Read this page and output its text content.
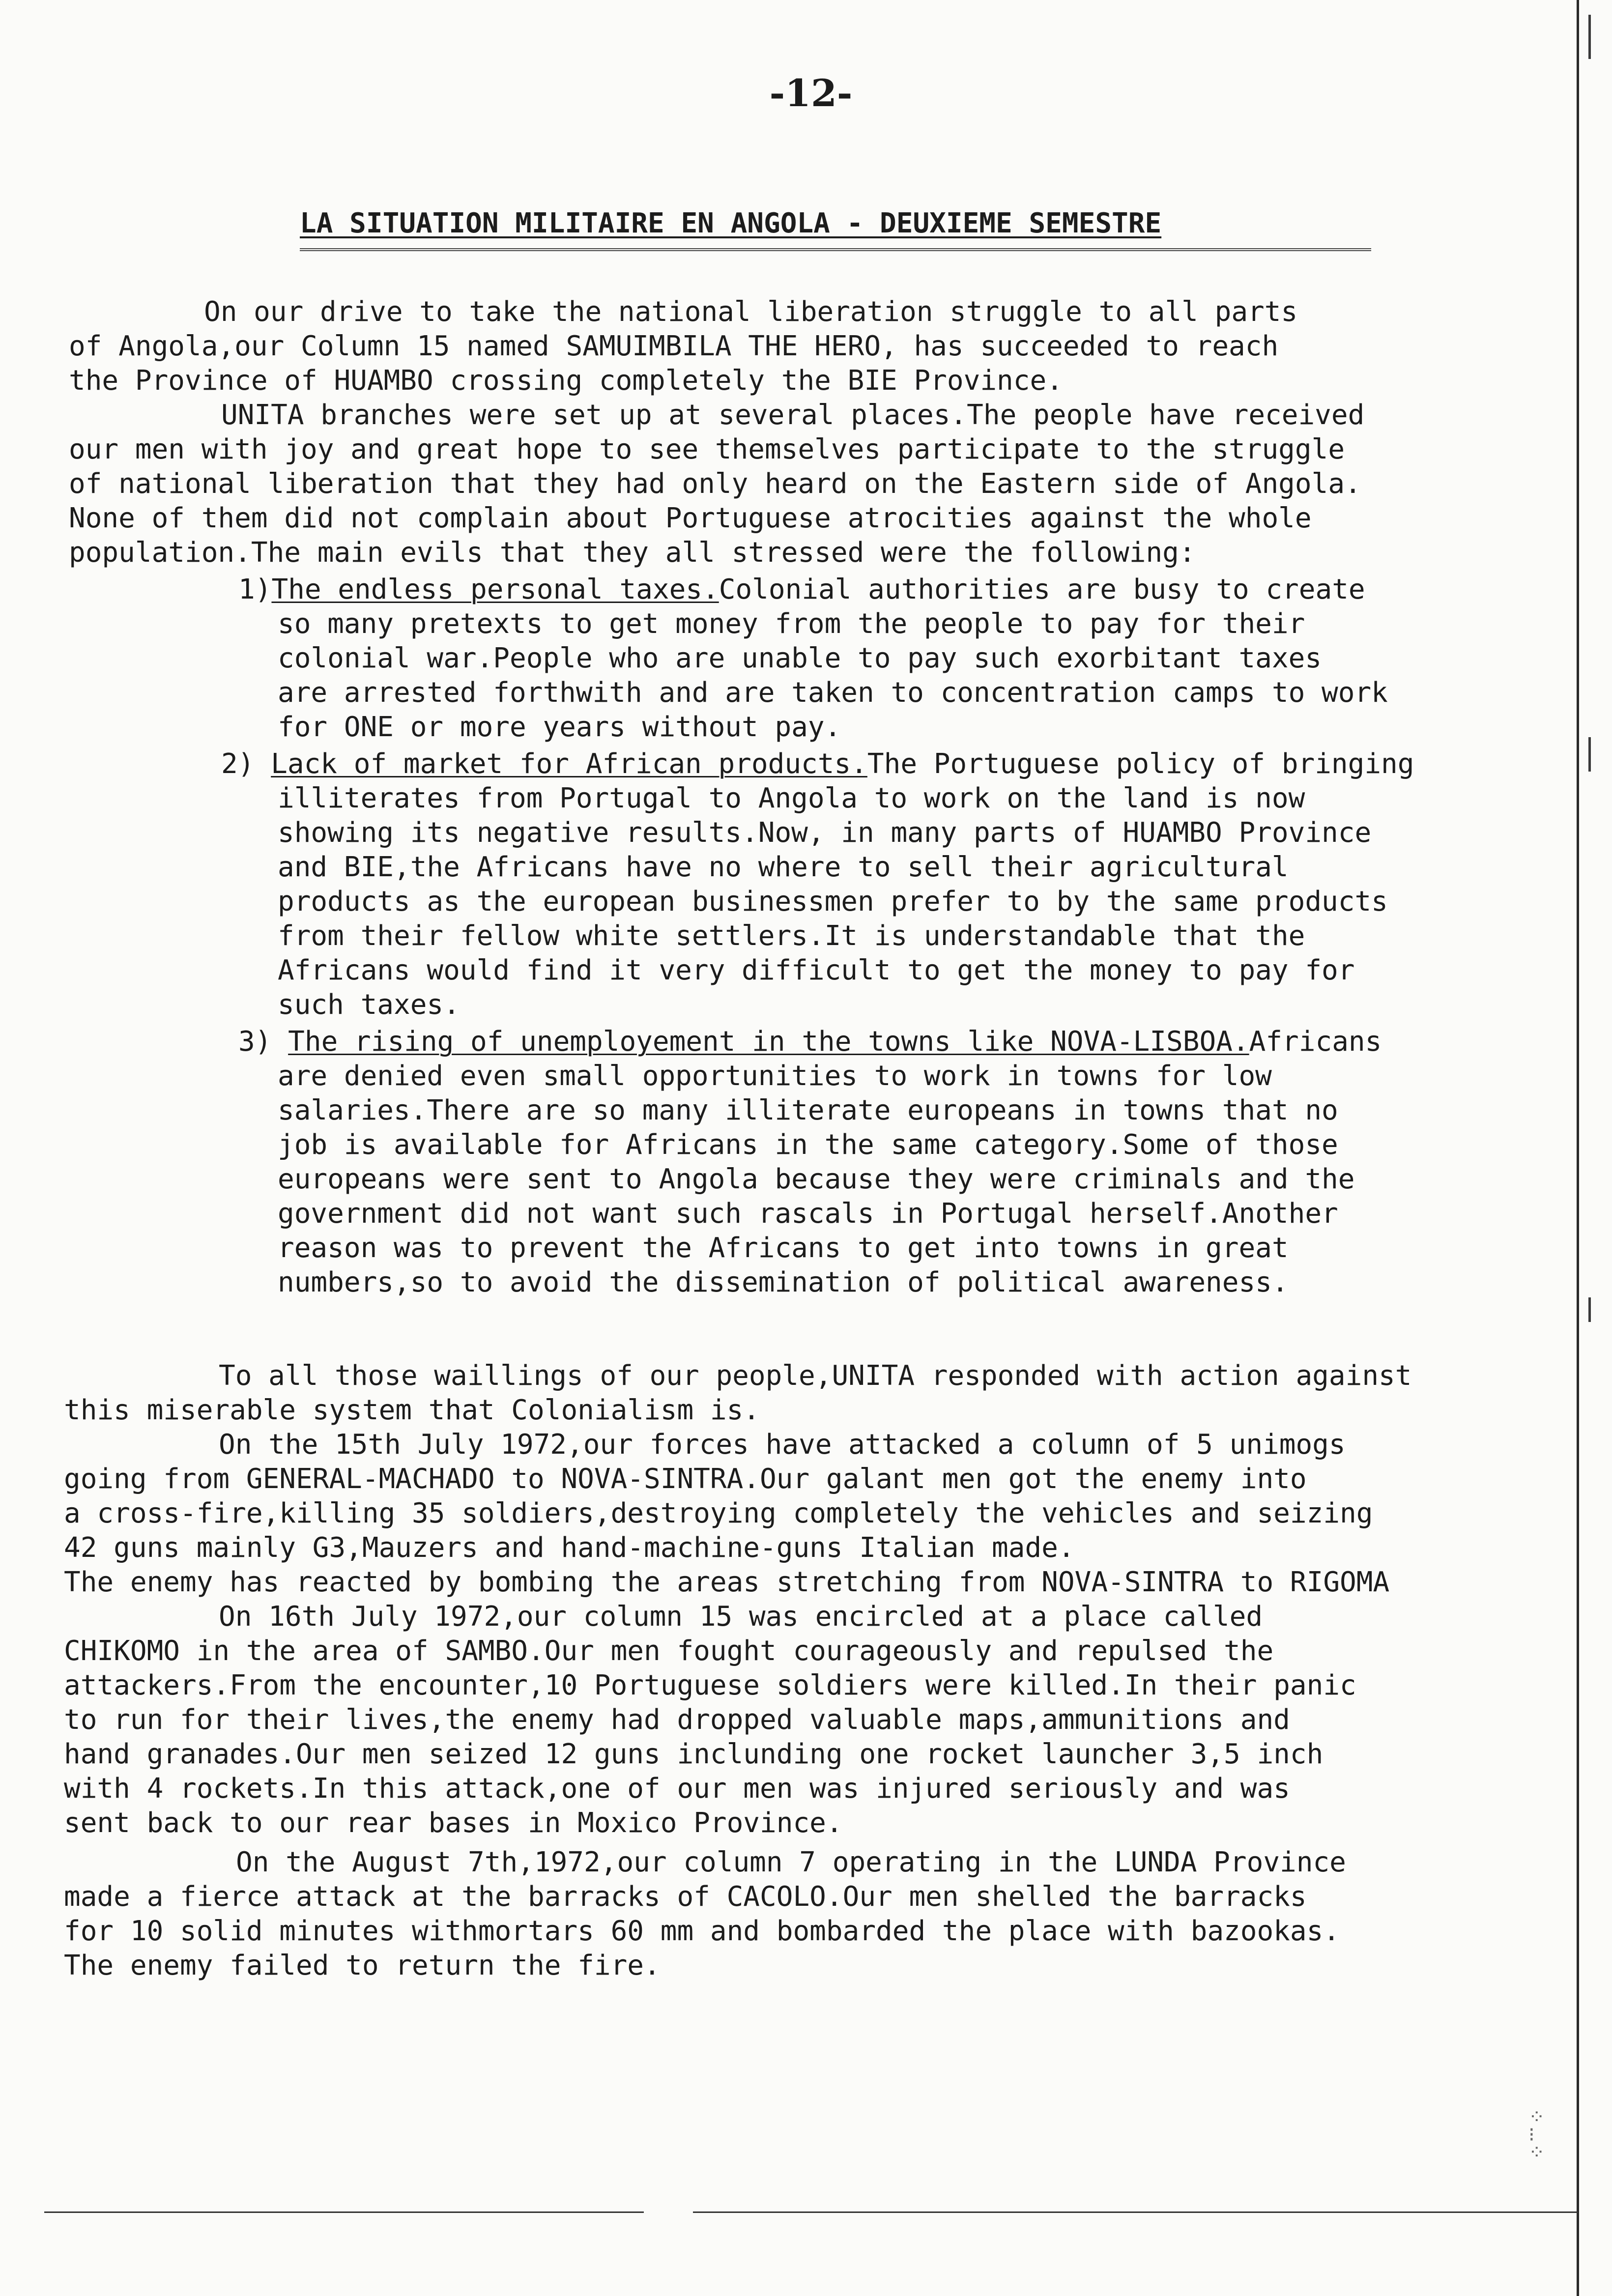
-12-
LA SITUATION MILITAIRE EN ANGOLA - DEUXIEME SEMESTRE
On our drive to take the national liberation struggle to all parts
of Angola,our Column 15 named SAMUIMBILA THE HERO, has succeeded to reach
the Province of HUAMBO crossing completely the BIE Province.
UNITA branches were set up at several places.The people have received
our men with joy and great hope to see themselves participate to the struggle
of national liberation that they had only heard on the Eastern side of Angola.
None of them did not complain about Portuguese atrocities against the whole
population.The main evils that they all stressed were the following:
1)The endless personal taxes.Colonial authorities are busy to create
so many pretexts to get money from the people to pay for their
colonial war.People who are unable to pay such exorbitant taxes
are arrested forthwith and are taken to concentration camps to work
for ONE or more years without pay.
2) Lack of market for African products.The Portuguese policy of bringing
illiterates from Portugal to Angola to work on the land is now
showing its negative results.Now, in many parts of HUAMBO Province
and BIE,the Africans have no where to sell their agricultural
products as the european businessmen prefer to by the same products
from their fellow white settlers.It is understandable that the
Africans would find it very difficult to get the money to pay for
such taxes.
3) The rising of unemployement in the towns like NOVA-LISBOA.Africans
are denied even small opportunities to work in towns for low
salaries.There are so many illiterate europeans in towns that no
job is available for Africans in the same category.Some of those
europeans were sent to Angola because they were criminals and the
government did not want such rascals in Portugal herself.Another
reason was to prevent the Africans to get into towns in great
numbers,so to avoid the dissemination of political awareness.
To all those waillings of our people,UNITA responded with action against
this miserable system that Colonialism is.
On the 15th July 1972,our forces have attacked a column of 5 unimogs
going from GENERAL-MACHADO to NOVA-SINTRA.Our galant men got the enemy into
a cross-fire,killing 35 soldiers,destroying completely the vehicles and seizing
42 guns mainly G3,Mauzers and hand-machine-guns Italian made.
The enemy has reacted by bombing the areas stretching from NOVA-SINTRA to RIGOMA
On 16th July 1972,our column 15 was encircled at a place called
CHIKOMO in the area of SAMBO.Our men fought courageously and repulsed the
attackers.From the encounter,10 Portuguese soldiers were killed.In their panic
to run for their lives,the enemy had dropped valuable maps,ammunitions and
hand granades.Our men seized 12 guns inclunding one rocket launcher 3,5 inch
with 4 rockets.In this attack,one of our men was injured seriously and was
sent back to our rear bases in Moxico Province.
On the August 7th,1972,our column 7 operating in the LUNDA Province
made a fierce attack at the barracks of CACOLO.Our men shelled the barracks
for 10 solid minutes withmortars 60 mm and bombarded the place with bazookas.
The enemy failed to return the fire.
⁘
⁝
⁘
